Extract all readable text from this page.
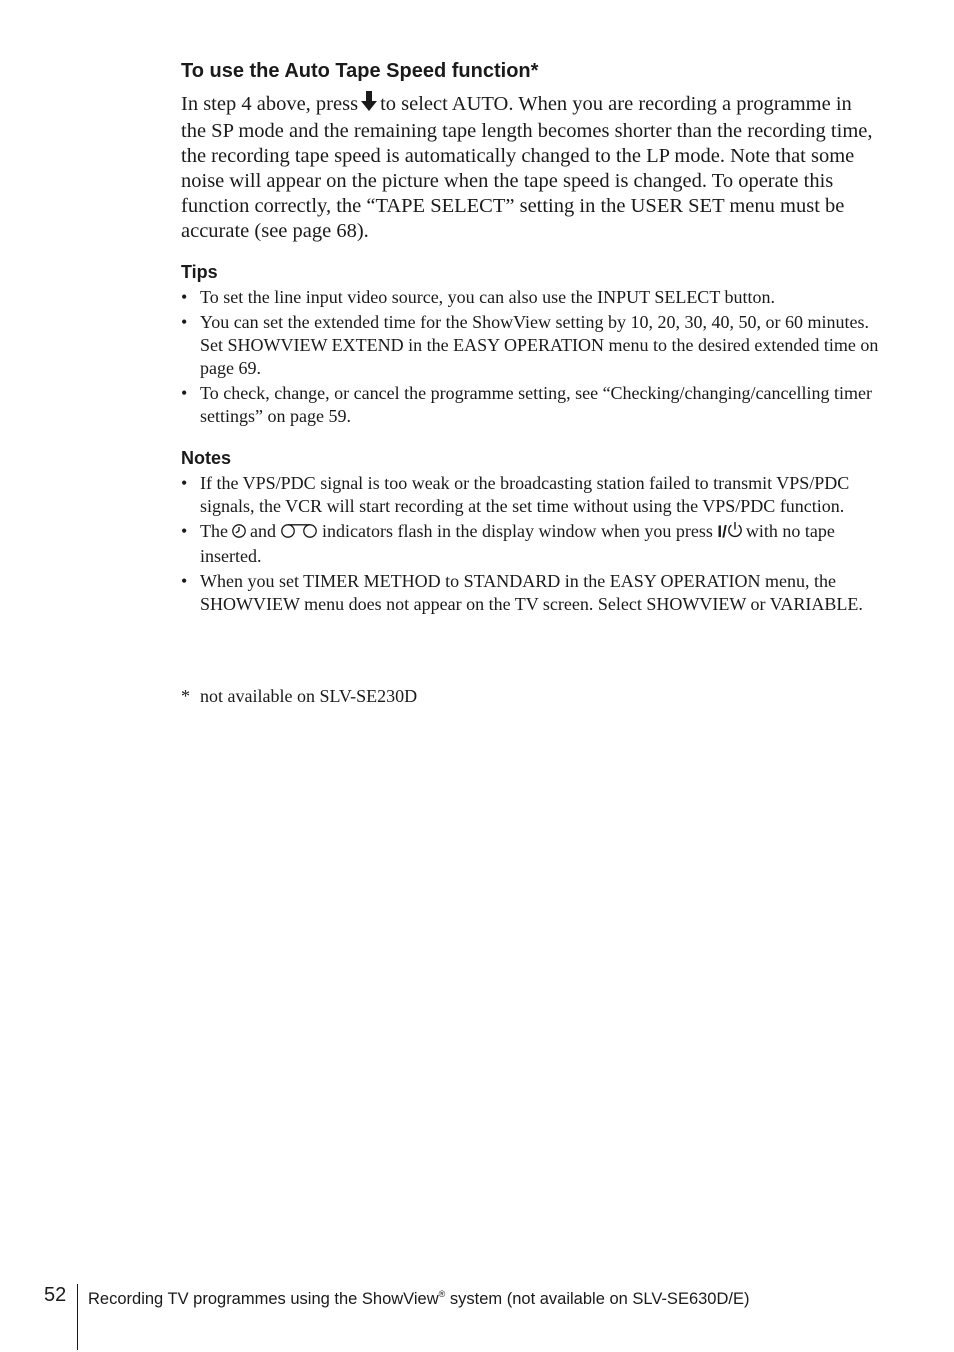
To use the Auto Tape Speed function*

In step 4 above, press to select AUTO. When you are recording a programme in the SP mode and the remaining tape length becomes shorter than the recording time, the recording tape speed is automatically changed to the LP mode. Note that some noise will appear on the picture when the tape speed is changed. To operate this function correctly, the “TAPE SELECT” setting in the USER SET menu must be accurate (see page 68).

Tips
• To set the line input video source, you can also use the INPUT SELECT button.
• You can set the extended time for the ShowView setting by 10, 20, 30, 40, 50, or 60 minutes. Set SHOWVIEW EXTEND in the EASY OPERATION menu to the desired extended time on page 69.
• To check, change, or cancel the programme setting, see “Checking/changing/cancelling timer settings” on page 59.
Notes
• If the VPS/PDC signal is too weak or the broadcasting station failed to transmit VPS/PDC signals, the VCR will start recording at the set time without using the VPS/PDC function.
• The and	indicators flash in the display window when you press I/ with no tape inserted.
• When you set TIMER METHOD to STANDARD in the EASY OPERATION menu, the SHOWVIEW menu does not appear on the TV screen. Select SHOWVIEW or VARIABLE.

* not available on SLV-SE230D

52 Recording TV programmes using the ShowView® system (not available on SLV-SE630D/E)
